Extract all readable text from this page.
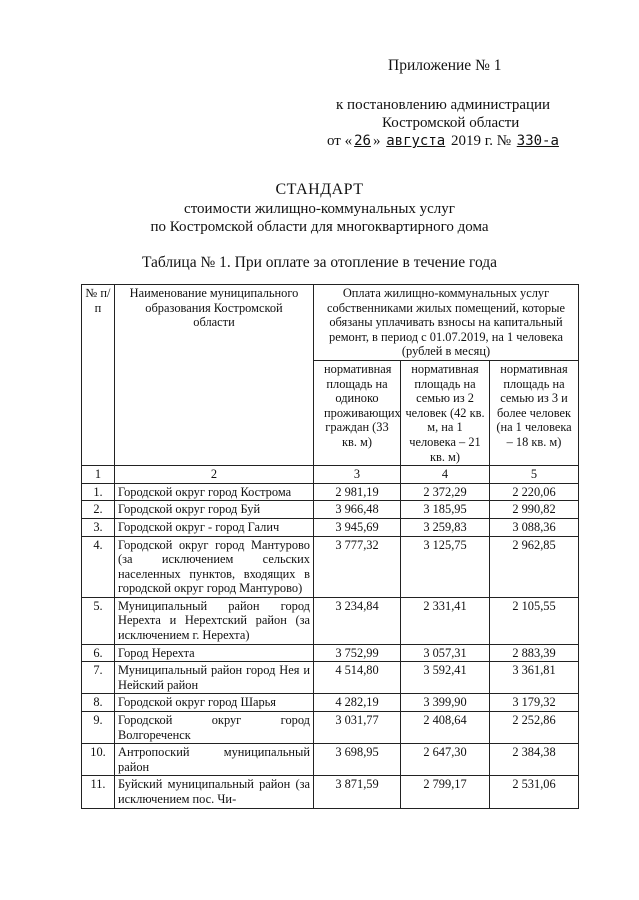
Приложение № 1
к постановлению администрации
Костромской области
от « 26 » августа 2019 г. № 330-а
СТАНДАРТ
стоимости жилищно-коммунальных услуг
по Костромской области для многоквартирного дома
Таблица № 1. При оплате за отопление в течение года
№ п/п	Наименование муниципального образования Костромской области	Оплата жилищно-коммунальных услуг собственниками жилых помещений, которые обязаны уплачивать взносы на капитальный ремонт, в период с 01.07.2019, на 1 человека (рублей в месяц)		
		нормативная площадь на одиноко проживающих граждан (33 кв. м)	нормативная площадь на семью из 2 человек (42 кв. м, на 1 человека – 21 кв. м)	нормативная площадь на семью из 3 и более человек (на 1 человека – 18 кв. м)
1	2	3	4	5
1.	Городской округ город Кострома	2 981,19	2 372,29	2 220,06
2.	Городской округ город Буй	3 966,48	3 185,95	2 990,82
3.	Городской округ - город Галич	3 945,69	3 259,83	3 088,36
4.	Городской округ город Мантурово (за исключением сельских населенных пунктов, входящих в городской округ город Мантурово)	3 777,32	3 125,75	2 962,85
5.	Муниципальный район город Нерехта и Нерехтский район (за исключением г. Нерехта)	3 234,84	2 331,41	2 105,55
6.	Город Нерехта	3 752,99	3 057,31	2 883,39
7.	Муниципальный район город Нея и Нейский район	4 514,80	3 592,41	3 361,81
8.	Городской округ город Шарья	4 282,19	3 399,90	3 179,32
9.	Городской округ город Волгореченск	3 031,77	2 408,64	2 252,86
10.	Антропоский муниципальный район	3 698,95	2 647,30	2 384,38
11.	Буйский муниципальный район (за исключением пос. Чи-	3 871,59	2 799,17	2 531,06
